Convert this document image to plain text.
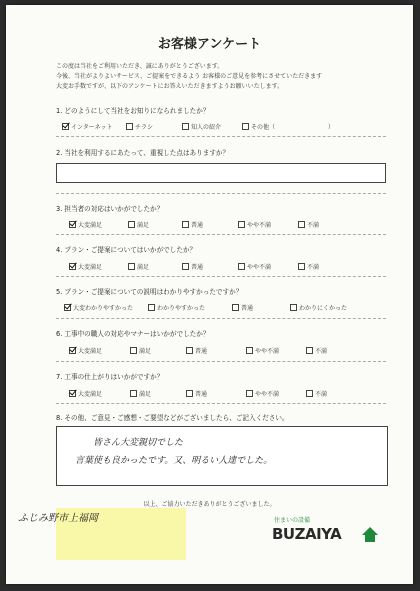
お客様アンケート
この度は当社をご利用いただき、誠にありがとうございます。
今後、当社がよりよいサービス、ご提案をできるよう お客様のご意見を参考にさせていただきます
大変お手数ですが、以下のアンケートにお答えいただきますようお願いいたします。
1. どのようにして当社をお知りになられましたか？
インターネット	チラシ	知人の紹介	その他（	）
2. 当社を利用するにあたって、重視した点はありますか？
3. 担当者の対応はいかがでしたか？
大変満足	満足	普通	やや不満	不満
4. プラン・ご提案についてはいかがでしたか？
大変満足	満足	普通	やや不満	不満
5. プラン・ご提案についての説明はわかりやすかったですか？
大変わかりやすかった	わかりやすかった	普通	わかりにくかった
6. 工事中の職人の対応やマナーはいかがでしたか？
大変満足	満足	普通	やや不満	不満
7. 工事の仕上がりはいかがですか？
大変満足	満足	普通	やや不満	不満
8. その他、ご意見・ご感想・ご要望などがございましたら、ご記入ください。
皆さん大変親切でした
言葉使も良かったです。又、明るい人達でした。
以上、ご協力いただきありがとうございました。
ふじみ野市上福岡	住まいの設備
BUZAIYA
